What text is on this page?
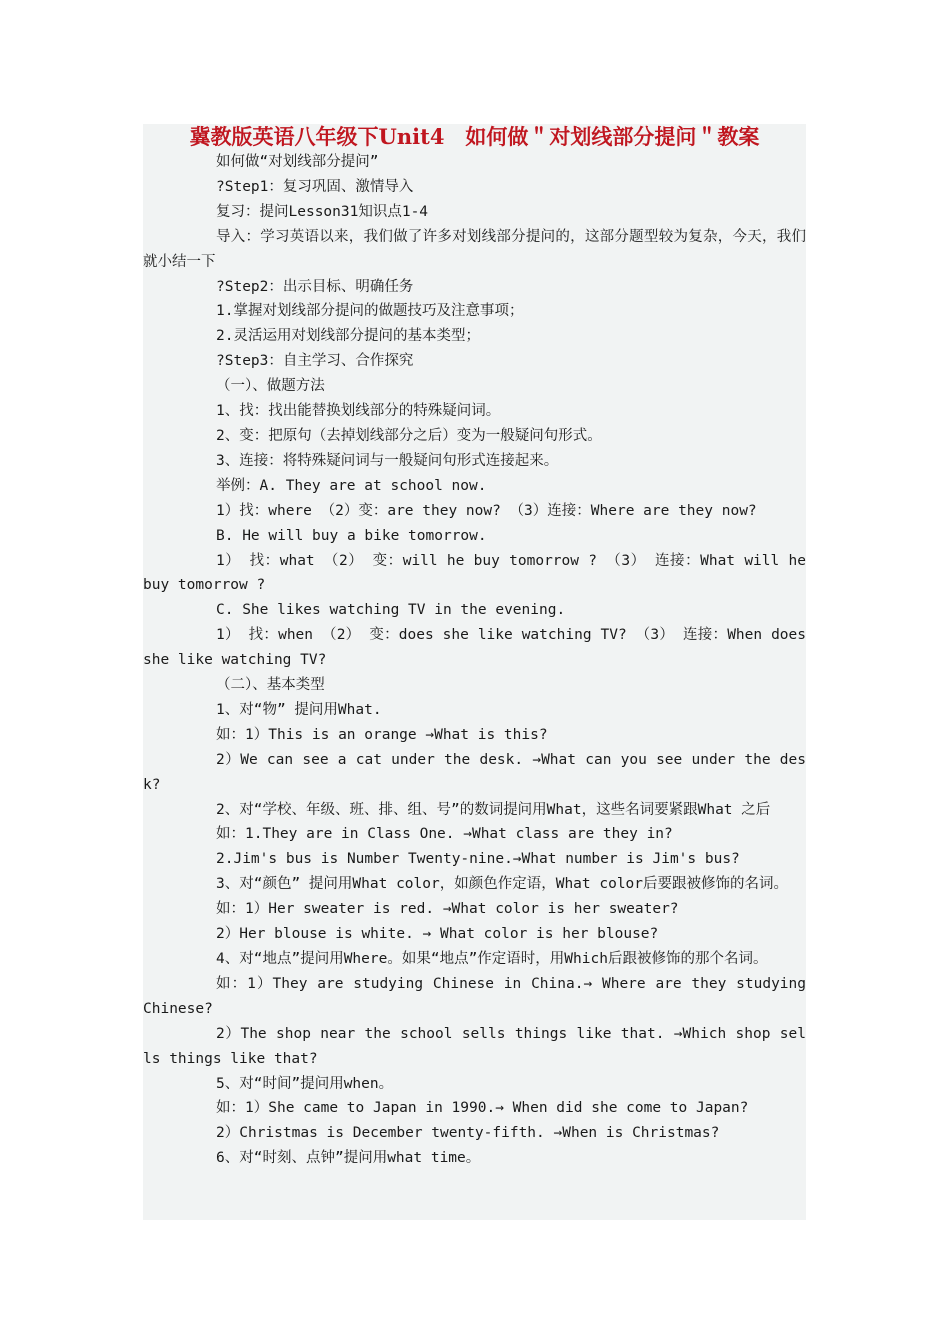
冀教版英语八年级下Unit4　如何做＂对划线部分提问＂教案

如何做“对划线部分提问”

?Step1：复习巩固、激情导入

复习：提问Lesson31知识点1-4

导入：学习英语以来，我们做了许多对划线部分提问的，这部分题型较为复杂，今天，我们就小结一下

?Step2：出示目标、明确任务

1.掌握对划线部分提问的做题技巧及注意事项；

2.灵活运用对划线部分提问的基本类型；

?Step3：自主学习、合作探究

（一）、做题方法

1、找：找出能替换划线部分的特殊疑问词。

2、变：把原句（去掉划线部分之后）变为一般疑问句形式。

3、连接：将特殊疑问词与一般疑问句形式连接起来。

举例：A. They are at school now.

1）找：where （2）变：are they now? （3）连接：Where are they now?

B. He will buy a bike tomorrow.

1） 找：what （2） 变：will he buy tomorrow ? （3） 连接：What will he buy tomorrow ?

C. She likes watching TV in the evening.

1） 找：when （2） 变：does she like watching TV? （3） 连接：When does she like watching TV?

（二）、基本类型

1、对“物” 提问用What.

如：1）This is an orange →What is this?

2）We can see a cat under the desk. →What can you see under the desk?

2、对“学校、年级、班、排、组、号”的数词提问用What，这些名词要紧跟What 之后

如：1.They are in Class One. →What class are they in?

2.Jim's bus is Number Twenty-nine.→What number is Jim's bus?

3、对“颜色” 提问用What color，如颜色作定语，What color后要跟被修饰的名词。

如：1）Her sweater is red. →What color is her sweater?

2）Her blouse is white. → What color is her blouse?

4、对“地点”提问用Where。如果“地点”作定语时，用Which后跟被修饰的那个名词。

如：1）They are studying Chinese in China.→ Where are they studying Chinese?

2）The shop near the school sells things like that. →Which shop sells things like that?

5、对“时间”提问用when。

如：1）She came to Japan in 1990.→ When did she come to Japan?

2）Christmas is December twenty-fifth. →When is Christmas?

6、对“时刻、点钟”提问用what time。
